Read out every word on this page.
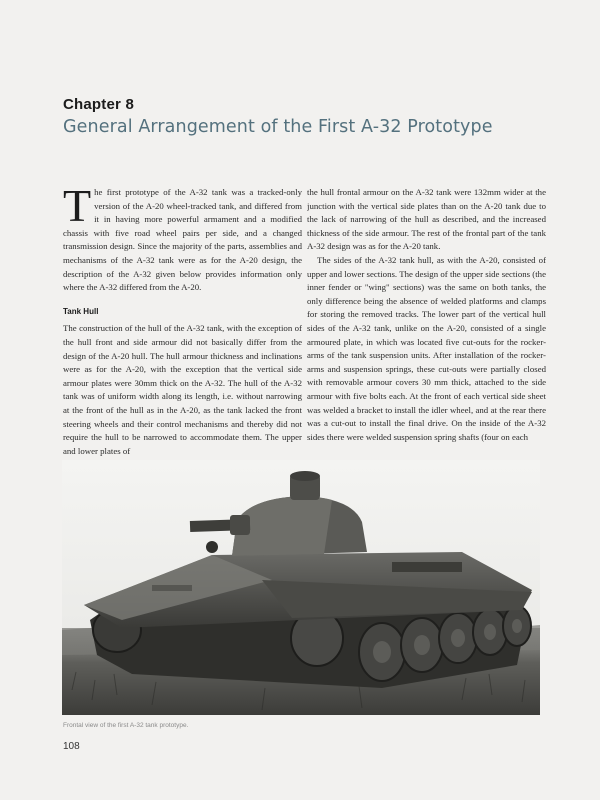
Chapter 8
General Arrangement of the First A-32 Prototype

The first prototype of the A-32 tank was a tracked-only version of the A-20 wheel-tracked tank, and differed from it in having more powerful armament and a modified chassis with five road wheel pairs per side, and a changed transmission design. Since the majority of the parts, assemblies and mechanisms of the A-32 tank were as for the A-20 design, the description of the A-32 given below provides information only where the A-32 differed from the A-20.

Tank Hull

The construction of the hull of the A-32 tank, with the exception of the hull front and side armour did not basically differ from the design of the A-20 hull. The hull armour thickness and inclinations were as for the A-20, with the exception that the vertical side armour plates were 30mm thick on the A-32. The hull of the A-32 tank was of uniform width along its length, i.e. without narrowing at the front of the hull as in the A-20, as the tank lacked the front steering wheels and their control mechanisms and thereby did not require the hull to be narrowed to accommodate them. The upper and lower plates of

the hull frontal armour on the A-32 tank were 132mm wider at the junction with the vertical side plates than on the A-20 tank due to the lack of narrowing of the hull as described, and the increased thickness of the side armour. The rest of the frontal part of the tank A-32 design was as for the A-20 tank.

The sides of the A-32 tank hull, as with the A-20, consisted of upper and lower sections. The design of the upper side sections (the inner fender or "wing" sections) was the same on both tanks, the only difference being the absence of welded platforms and clamps for storing the removed tracks. The lower part of the vertical hull sides of the A-32 tank, unlike on the A-20, consisted of a single armoured plate, in which was located five cut-outs for the rocker-arms of the tank suspension units. After installation of the rocker-arms and suspension springs, these cut-outs were partially closed with removable armour covers 30 mm thick, attached to the side armour with five bolts each. At the front of each vertical side sheet was welded a bracket to install the idler wheel, and at the rear there was a cut-out to install the final drive. On the inside of the A-32 sides there were welded suspension spring shafts (four on each

Frontal view of the first A-32 tank prototype.
108
